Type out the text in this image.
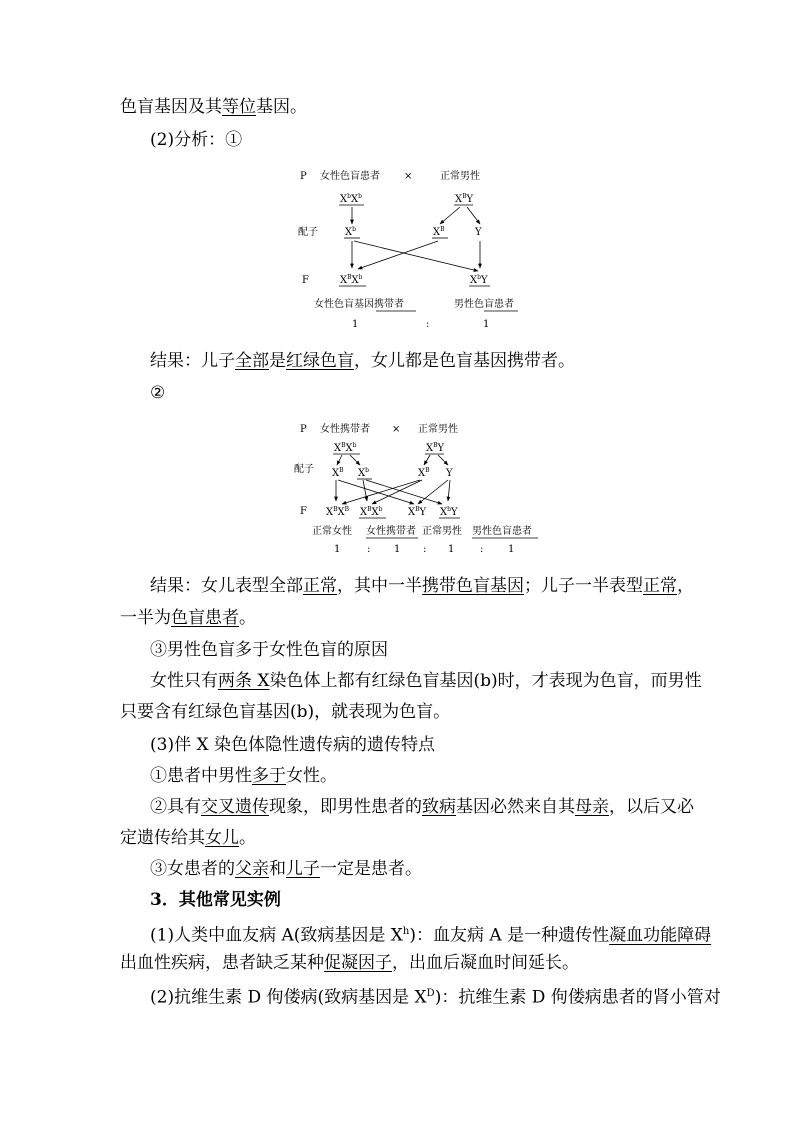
色盲基因及其等位基因。
(2)分析：①
P 女性色盲患者 ×	正常男性
$X^bX^b$	$X^BY$
配子	$X^b$	$X^B$	Y
F	$X^BX^b$	$X^bY$
女性色盲基因携带者	男性色盲患者
1	:	1
结果：儿子全部是红绿色盲，女儿都是色盲基因携带者。
②
P 女性携带者 × 正常男性
$X^BX^b$	$X^BY$
配子 $X^B$ $X^b$	$X^B$ Y
F $X^BX^B$ $X^BX^b$	$X^BY$ $X^bY$
正常女性 女性携带者 正常男性 男性色盲患者
1	: 1 : 1	: 1
结果：女儿表型全部正常，其中一半携带色盲基因；儿子一半表型正常，
一半为色盲患者。
③男性色盲多于女性色盲的原因
女性只有两条 X染色体上都有红绿色盲基因(b)时，才表现为色盲，而男性
只要含有红绿色盲基因(b)，就表现为色盲。
(3)伴 X 染色体隐性遗传病的遗传特点
①患者中男性多于女性。
②具有交叉遗传现象，即男性患者的致病基因必然来自其母亲，以后又必
定遗传给其女儿。
③女患者的父亲和儿子一定是患者。
3．其他常见实例
(1)人类中血友病 A(致病基因是 $X^h$)：血友病 A 是一种遗传性凝血功能障碍
出血性疾病，患者缺乏某种促凝因子，出血后凝血时间延长。
(2)抗维生素 D 佝偻病(致病基因是 $X^D$)：抗维生素 D 佝偻病患者的肾小管对
